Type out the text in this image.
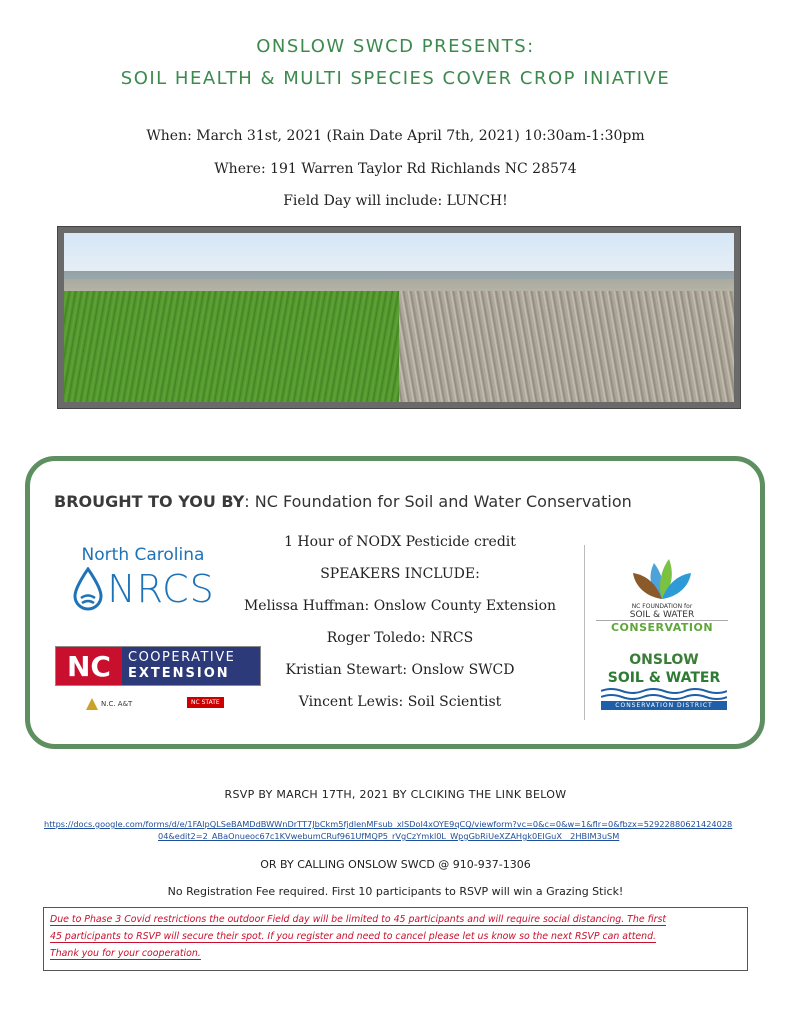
ONSLOW SWCD PRESENTS:
SOIL HEALTH & MULTI SPECIES COVER CROP INIATIVE
When: March 31st, 2021 (Rain Date April 7th, 2021) 10:30am-1:30pm
Where: 191 Warren Taylor Rd Richlands NC 28574
Field Day will include: LUNCH!
BROUGHT TO YOU BY: NC Foundation for Soil and Water Conservation
North Carolina
NRCS
NC	COOPERATIVE
EXTENSION
N.C. A&T	NC STATE
1 Hour of NODX Pesticide credit
SPEAKERS INCLUDE:
Melissa Huffman: Onslow County Extension
Roger Toledo: NRCS
Kristian Stewart: Onslow SWCD
Vincent Lewis: Soil Scientist
NC FOUNDATION for
SOIL & WATER
CONSERVATION
ONSLOW
SOIL & WATER
CONSERVATION DISTRICT
RSVP BY MARCH 17TH, 2021 BY CLCIKING THE LINK BELOW
https://docs.google.com/forms/d/e/1FAIpQLSeBAMDdBWWnDrTT7JbCkm5fjdlenMFsub_xlSDoI4xOYE9qCQ/viewform?vc=0&c=0&w=1&flr=0&fbzx=52922880621424028
04&edit2=2_ABaOnueoc67c1KVwebumCRuf961UfMQP5_rVgCzYmkl0L_WpgGbRiUeXZAHgk0EIGuX__2HBIM3uSM
OR BY CALLING ONSLOW SWCD @ 910-937-1306
No Registration Fee required. First 10 participants to RSVP will win a Grazing Stick!
Due to Phase 3 Covid restrictions the outdoor Field day will be limited to 45 participants and will require social distancing. The first
45 participants to RSVP will secure their spot. If you register and need to cancel please let us know so the next RSVP can attend.
Thank you for your cooperation.
